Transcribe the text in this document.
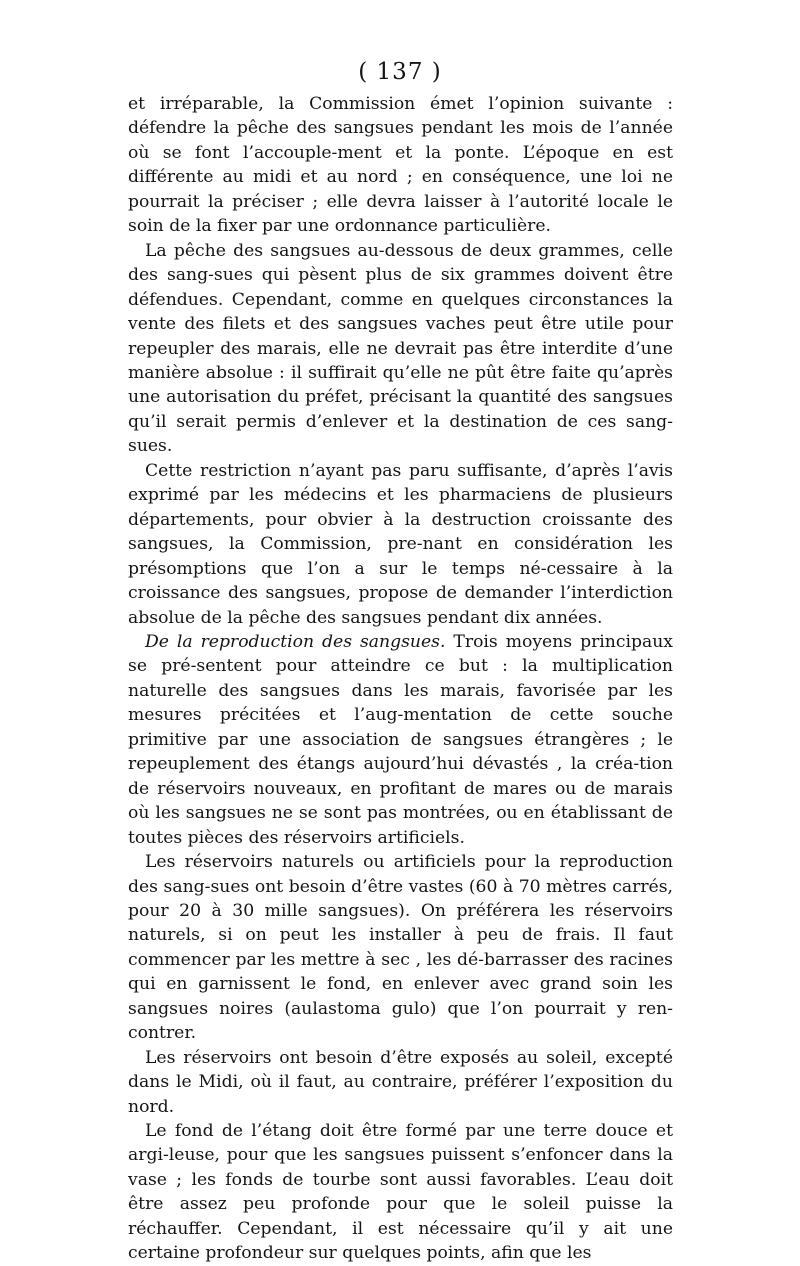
( 137 )

et irréparable, la Commission émet l’opinion suivante : défendre la pêche des sangsues pendant les mois de l’année où se font l’accouple-ment et la ponte. L’époque en est différente au midi et au nord ; en conséquence, une loi ne pourrait la préciser ; elle devra laisser à l’autorité locale le soin de la fixer par une ordonnance particulière.

La pêche des sangsues au-dessous de deux grammes, celle des sang-sues qui pèsent plus de six grammes doivent être défendues. Cependant, comme en quelques circonstances la vente des filets et des sangsues vaches peut être utile pour repeupler des marais, elle ne devrait pas être interdite d’une manière absolue : il suffirait qu’elle ne pût être faite qu’après une autorisation du préfet, précisant la quantité des sangsues qu’il serait permis d’enlever et la destination de ces sang-sues.

Cette restriction n’ayant pas paru suffisante, d’après l’avis exprimé par les médecins et les pharmaciens de plusieurs départements, pour obvier à la destruction croissante des sangsues, la Commission, pre-nant en considération les présomptions que l’on a sur le temps né-cessaire à la croissance des sangsues, propose de demander l’interdiction absolue de la pêche des sangsues pendant dix années.

De la reproduction des sangsues. Trois moyens principaux se pré-sentent pour atteindre ce but : la multiplication naturelle des sangsues dans les marais, favorisée par les mesures précitées et l’aug-mentation de cette souche primitive par une association de sangsues étrangères ; le repeuplement des étangs aujourd’hui dévastés , la créa-tion de réservoirs nouveaux, en profitant de mares ou de marais où les sangsues ne se sont pas montrées, ou en établissant de toutes pièces des réservoirs artificiels.

Les réservoirs naturels ou artificiels pour la reproduction des sang-sues ont besoin d’être vastes (60 à 70 mètres carrés, pour 20 à 30 mille sangsues). On préférera les réservoirs naturels, si on peut les installer à peu de frais. Il faut commencer par les mettre à sec , les dé-barrasser des racines qui en garnissent le fond, en enlever avec grand soin les sangsues noires (aulastoma gulo) que l’on pourrait y ren-contrer.

Les réservoirs ont besoin d’être exposés au soleil, excepté dans le Midi, où il faut, au contraire, préférer l’exposition du nord.

Le fond de l’étang doit être formé par une terre douce et argi-leuse, pour que les sangsues puissent s’enfoncer dans la vase ; les fonds de tourbe sont aussi favorables. L’eau doit être assez peu profonde pour que le soleil puisse la réchauffer. Cependant, il est nécessaire qu’il y ait une certaine profondeur sur quelques points, afin que les
